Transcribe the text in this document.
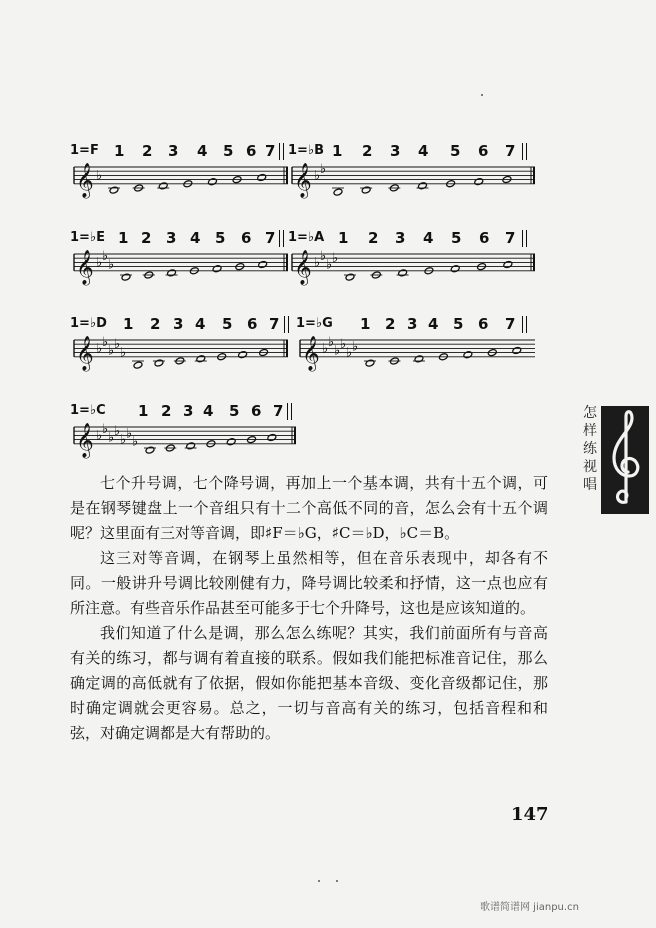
1=F 1 2 3 4 5 6 7 1=♭B 1 2 3 4 5 6 7
𝄞 ♭	𝄞 ♭ ♭
1=♭E 1 2 3 4 5 6 7 1=♭A 1 2 3 4 5 6 7
𝄞 ♭ ♭
♭	𝄞 ♭ ♭
♭ ♭
1=♭D 1 2 3 4 5 6 7 1=♭G 1 2 3 4 5 6 7
𝄞 ♭ ♭
♭ ♭
♭	𝄞 ♭ ♭
♭ ♭
♭ ♭
1=♭C 1 2 3 4 5 6 7
𝄞 ♭ ♭
♭ ♭
♭ ♭
♭

七个升号调，七个降号调，再加上一个基本调，共有十五个调，可是在钢琴键盘上一个音组只有十二个高低不同的音，怎么会有十五个调呢？这里面有三对等音调，即♯F＝♭G，♯C＝♭D，♭C＝B。

这三对等音调，在钢琴上虽然相等，但在音乐表现中，却各有不同。一般讲升号调比较刚健有力，降号调比较柔和抒情，这一点也应有所注意。有些音乐作品甚至可能多于七个升降号，这也是应该知道的。

我们知道了什么是调，那么怎么练呢？其实，我们前面所有与音高有关的练习，都与调有着直接的联系。假如我们能把标准音记住，那么确定调的高低就有了依据，假如你能把基本音级、变化音级都记住，那时确定调就会更容易。总之，一切与音高有关的练习，包括音程和和弦，对确定调都是大有帮助的。

怎
样
练
视
唱
147
歌谱简谱网 jianpu.cn
